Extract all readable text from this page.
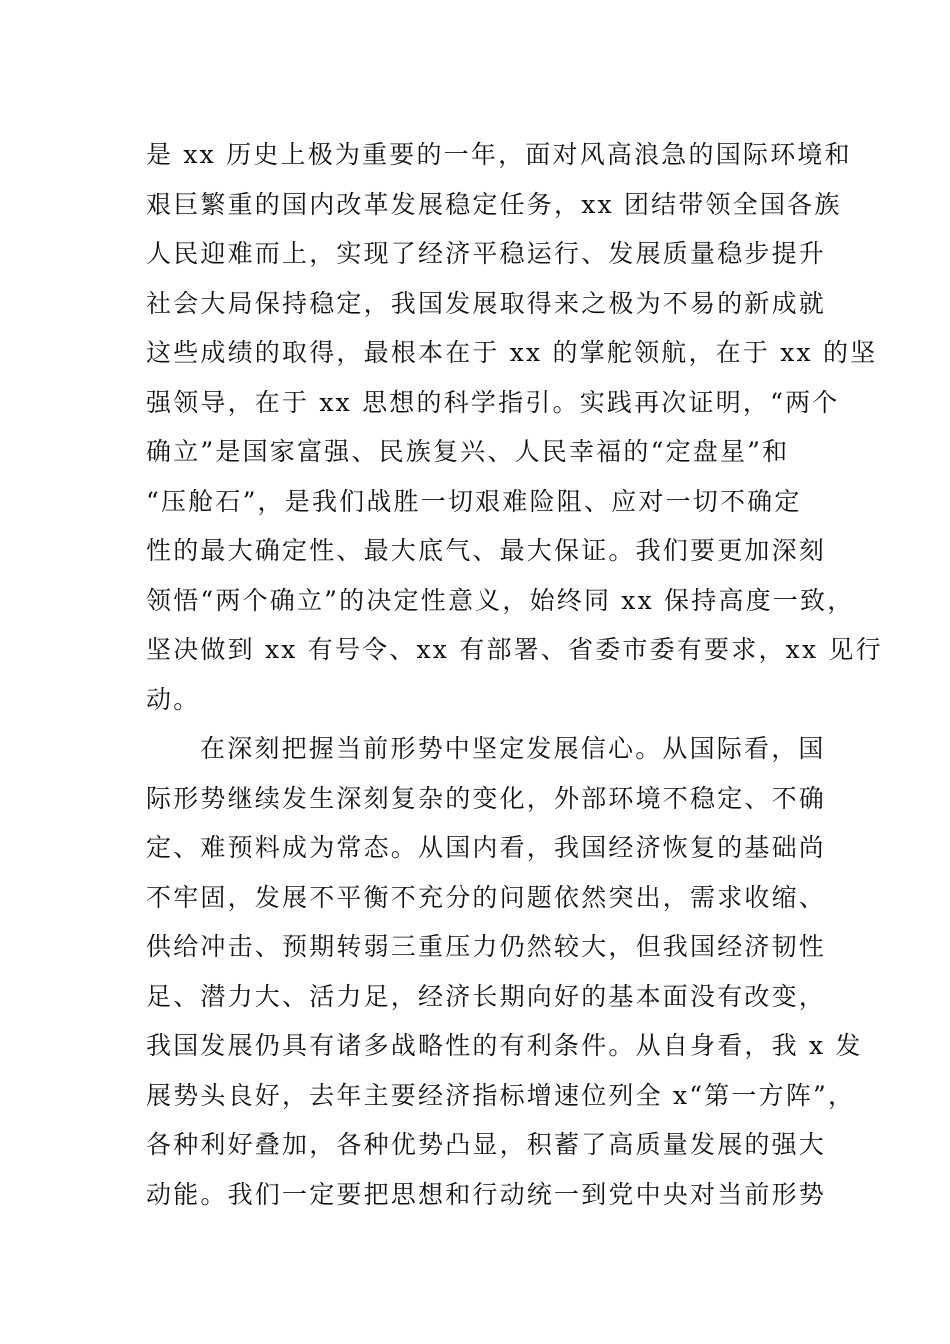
是 xx 历史上极为重要的一年，面对风高浪急的国际环境和
艰巨繁重的国内改革发展稳定任务，xx 团结带领全国各族
人民迎难而上，实现了经济平稳运行、发展质量稳步提升
社会大局保持稳定，我国发展取得来之极为不易的新成就
这些成绩的取得，最根本在于 xx 的掌舵领航，在于 xx 的坚
强领导，在于 xx 思想的科学指引。实践再次证明，“两个
确立”是国家富强、民族复兴、人民幸福的“定盘星”和
“压舱石”，是我们战胜一切艰难险阻、应对一切不确定
性的最大确定性、最大底气、最大保证。我们要更加深刻
领悟“两个确立”的决定性意义，始终同 xx 保持高度一致，
坚决做到 xx 有号令、xx 有部署、省委市委有要求，xx 见行
动。
在深刻把握当前形势中坚定发展信心。从国际看，国
际形势继续发生深刻复杂的变化，外部环境不稳定、不确
定、难预料成为常态。从国内看，我国经济恢复的基础尚
不牢固，发展不平衡不充分的问题依然突出，需求收缩、
供给冲击、预期转弱三重压力仍然较大，但我国经济韧性
足、潜力大、活力足，经济长期向好的基本面没有改变，
我国发展仍具有诸多战略性的有利条件。从自身看，我 x 发
展势头良好，去年主要经济指标增速位列全 x“第一方阵”，
各种利好叠加，各种优势凸显，积蓄了高质量发展的强大
动能。我们一定要把思想和行动统一到党中央对当前形势
